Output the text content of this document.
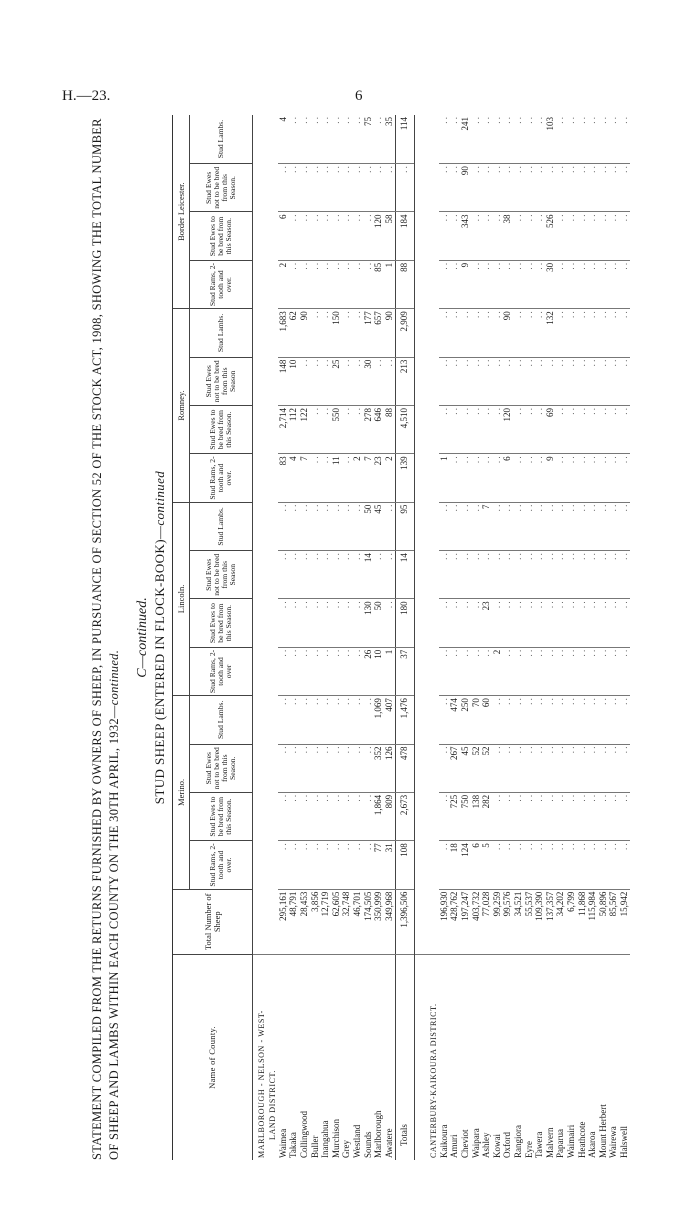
H.—23.	6
STATEMENT COMPILED FROM THE RETURNS FURNISHED BY OWNERS OF SHEEP, IN PURSUANCE OF SECTION 52 OF THE STOCK ACT, 1908, SHOWING THE TOTAL NUMBER OF SHEEP AND LAMBS WITHIN EACH COUNTY ON THE 30TH APRIL, 1932—continued. C—continued. STUD SHEEP (ENTERED IN FLOCK-BOOK)—continued
Name of County.	Total Number of Sheep	Merino.				Lincoln.				Romney.				Border Leicester.			
		Stud Rams, 2-tooth and over.	Stud Ewes to be bred from this Season.	Stud Ewes not to be bred from this Season.	Stud Lambs.	Stud Rams, 2-tooth and over	Stud Ewes to be bred from this Season.	Stud Ewes not to be bred from this Season	Stud Lambs.	Stud Rams, 2-tooth and over.	Stud Ewes to be bred from this Season.	Stud Ewes not to be bred from this Season	Stud Lambs.	Stud Rams, 2-tooth and over.	Stud Ewes to be bred from this Season.	Stud Ewes not to be bred from this Season.	Stud Lambs.
MARLBOROUGH - NELSON - WEST-																	
LAND DISTRICT.																	
Waimea	295,161	. .	. .	. .	. .	. .	. .	. .	. .	83	2,714	148	1,683	2	6	. .	4
Takaka	48,791	. .	. .	. .	. .	. .	. .	. .	. .	4	112	10	62	. .	. .	. .	. .
Collingwood	28,453	. .	. .	. .	. .	. .	. .	. .	. .	7	122	. .	90	. .	. .	. .	. .
Buller	3,856	. .	. .	. .	. .	. .	. .	. .	. .	. .	. .	. .	. .	. .	. .	. .	. .
Inangahua	12,719	. .	. .	. .	. .	. .	. .	. .	. .	. .	. .	. .	. .	. .	. .	. .	. .
Murchison	62,605	. .	. .	. .	. .	. .	. .	. .	. .	11	550	25	150	. .	. .	. .	. .
Grey	32,748	. .	. .	. .	. .	. .	. .	. .	. .	. .	. .	. .	. .	. .	. .	. .	. .
Westland	46,701	. .	. .	. .	. .	. .	. .	. .	. .	2	. .	. .	. .	. .	. .	. .	. .
Sounds	174,505	. .	. .	. .	. .	26	130	14	50	7	278	30	177	. .	. .	. .	75
Marlborough	350,999	77	1,864	352	1,069	10	50	. .	45	23	646	. .	657	85	120	. .	. .
Awatere	349,968	31	809	126	407	1	. .	. .	. .	2	88	. .	90	1	58	. .	35
Totals	1,396,506	108	2,673	478	1,476	37	180	14	95	139	4,510	213	2,909	88	184	. .	114
CANTERBURY-KAIKOURA DISTRICT.																	
Kaikoura	196,930	. .	. .	. .	. .	. .	. .	. .	. .	1	. .	. .	. .	. .	. .	. .	. .
Amuri	428,762	18	725	267	474	. .	. .	. .	. .	. .	. .	. .	. .	. .	. .	. .	. .
Cheviot	197,247	124	750	45	250	. .	. .	. .	. .	. .	. .	. .	. .	9	343	90	241
Waipara	403,732	6	138	52	70	. .	. .	. .	. .	. .	. .	. .	. .	. .	. .	. .	. .
Ashley	77,028	5	282	52	60	. .	23	. .	7	. .	. .	. .	. .	. .	. .	. .	. .
Kowai	99,259	. .	. .	. .	. .	2	. .	. .	. .	. .	. .	. .	. .	. .	. .	. .	. .
Oxford	99,576	. .	. .	. .	. .	. .	. .	. .	. .	6	120	. .	90	. .	38	. .	. .
Rangiora	34,521	. .	. .	. .	. .	. .	. .	. .	. .	. .	. .	. .	. .	. .	. .	. .	. .
Eyre	55,537	. .	. .	. .	. .	. .	. .	. .	. .	. .	. .	. .	. .	. .	. .	. .	. .
Tawera	109,390	. .	. .	. .	. .	. .	. .	. .	. .	. .	. .	. .	. .	. .	. .	. .	. .
Malvern	137,357	. .	. .	. .	. .	. .	. .	. .	. .	9	69	. .	132	30	526	. .	103
Paparua	34,202	. .	. .	. .	. .	. .	. .	. .	. .	. .	. .	. .	. .	. .	. .	. .	. .
Waimairi	6,799	. .	. .	. .	. .	. .	. .	. .	. .	. .	. .	. .	. .	. .	. .	. .	. .
Heathcote	11,868	. .	. .	. .	. .	. .	. .	. .	. .	. .	. .	. .	. .	. .	. .	. .	. .
Akaroa	115,984	. .	. .	. .	. .	. .	. .	. .	. .	. .	. .	. .	. .	. .	. .	. .	. .
Mount Herbert	50,896	. .	. .	. .	. .	. .	. .	. .	. .	. .	. .	. .	. .	. .	. .	. .	. .
Wairewa	85,567	. .	. .	. .	. .	. .	. .	. .	. .	. .	. .	. .	. .	. .	. .	. .	. .
Halswell	15,942	. .	. .	. .	. .	. .	. .	. .	. .	. .	. .	. .	. .	. .	. .	. .	. .
